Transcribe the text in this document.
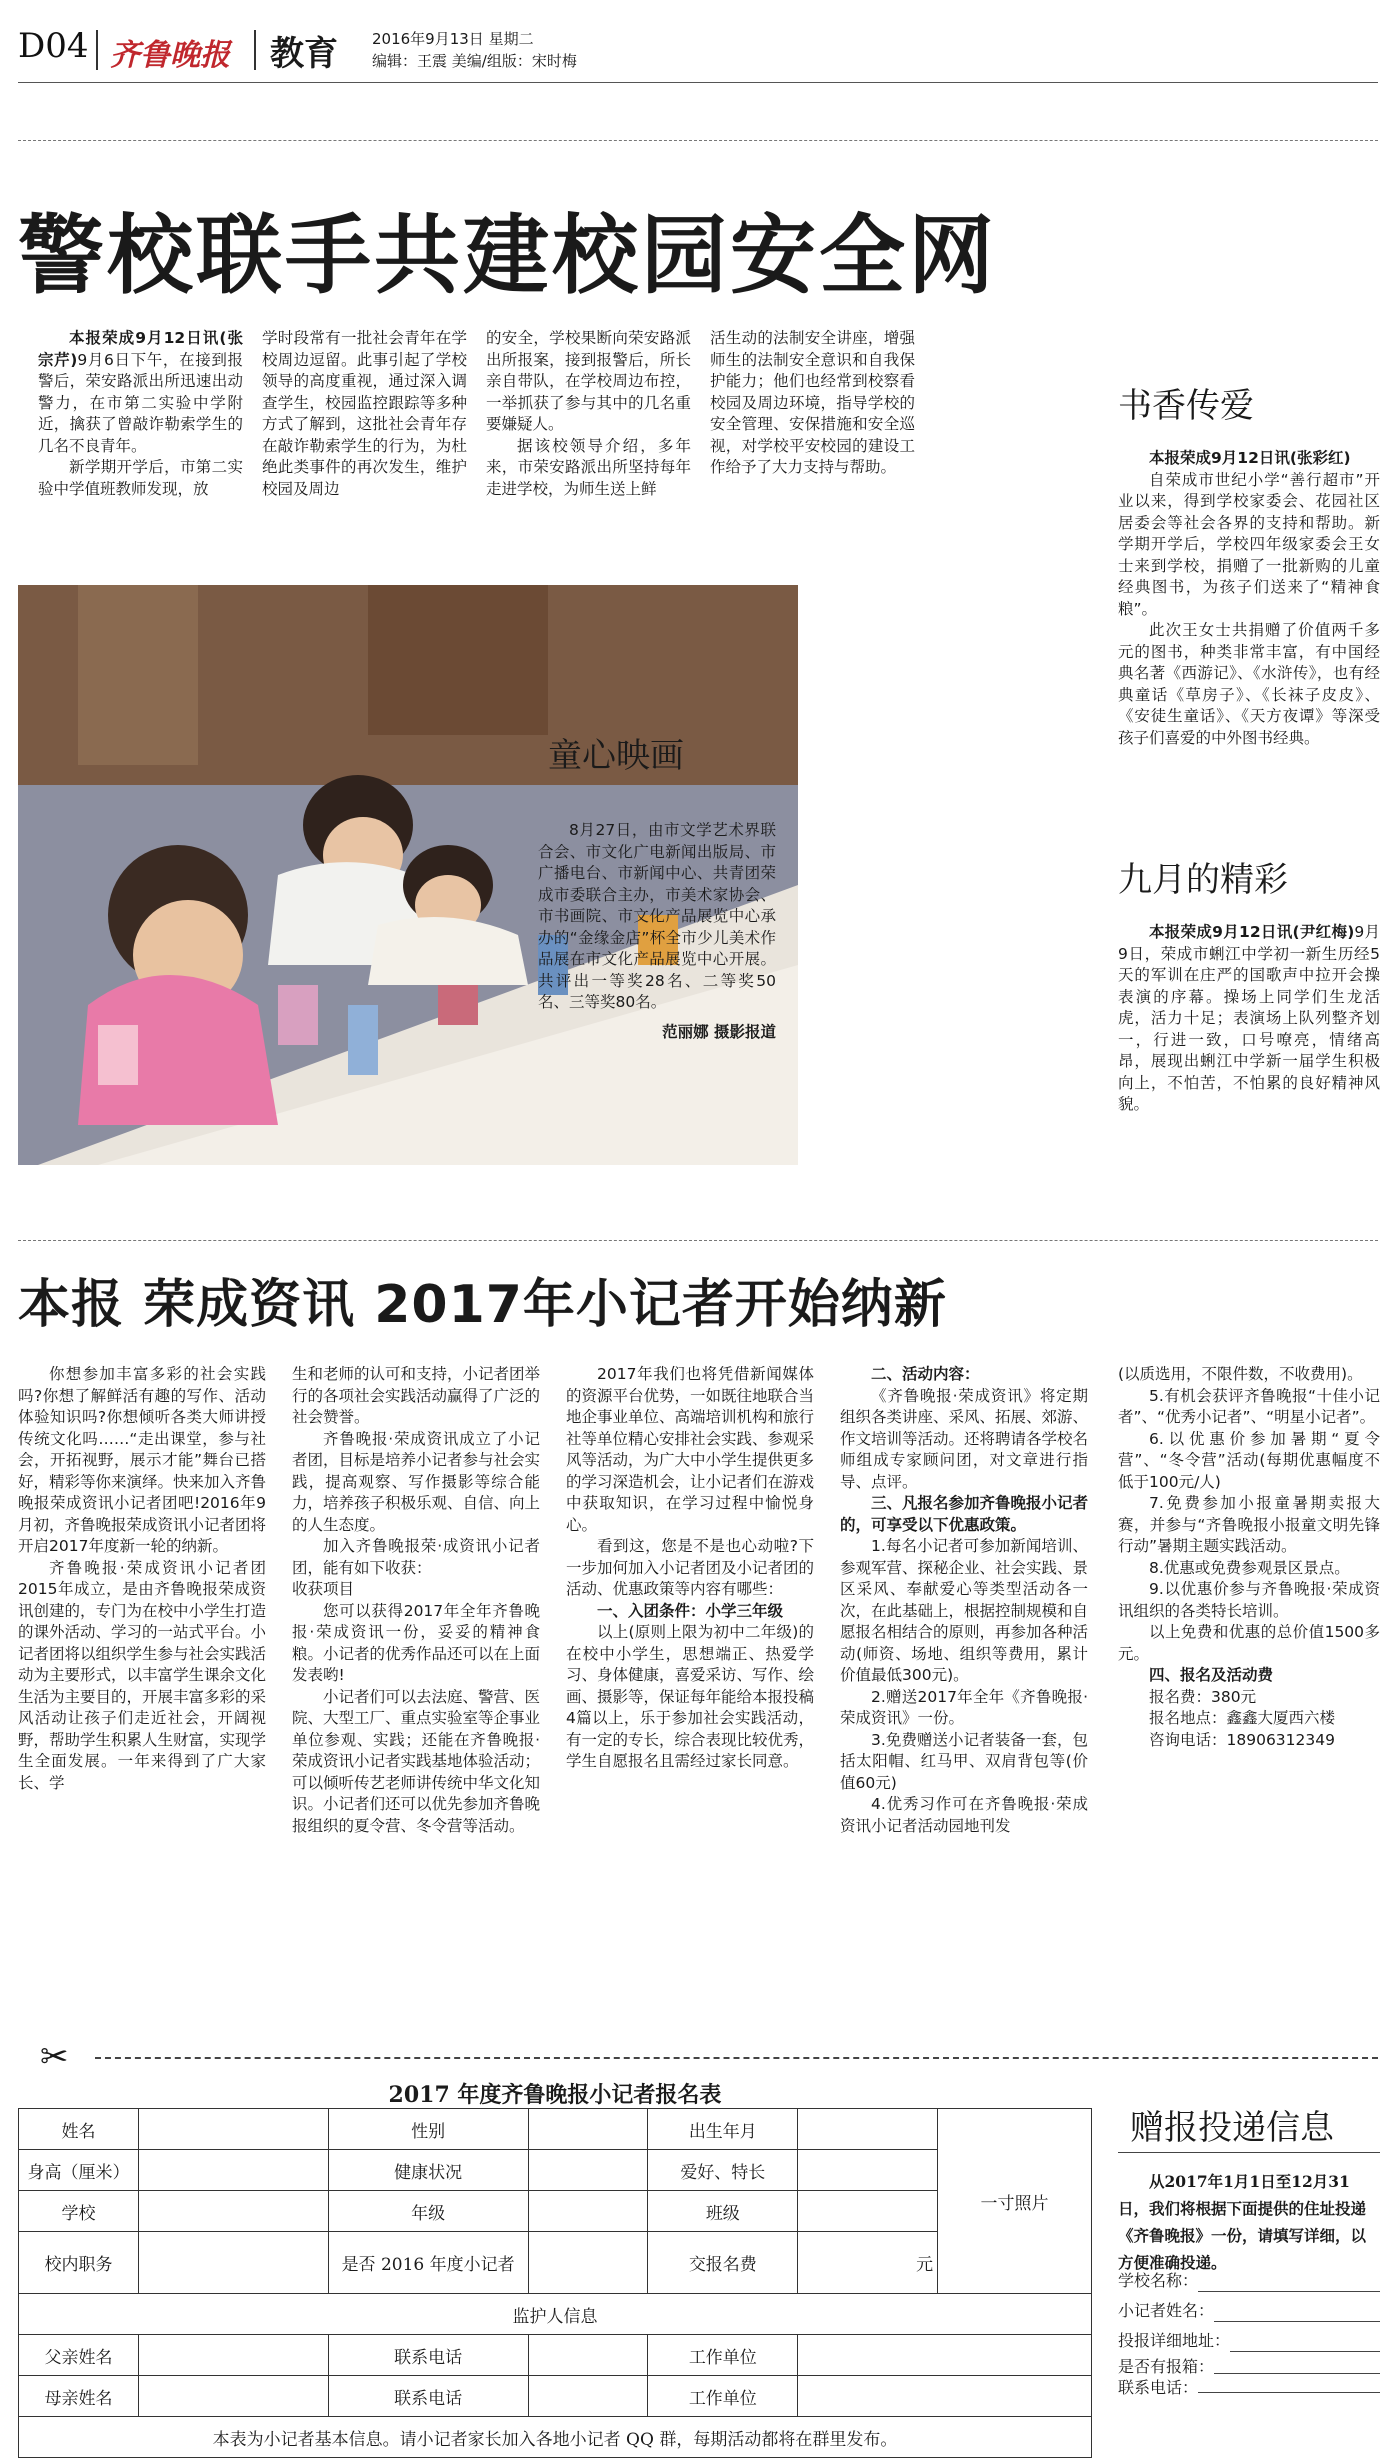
D04 齐鲁晚报 教育 2016年9月13日 星期二
编辑：王震 美编/组版：宋时梅
警校联手共建校园安全网

本报荣成9月12日讯(张宗芹)9月6日下午，在接到报警后，荣安路派出所迅速出动警力，在市第二实验中学附近，擒获了曾敲诈勒索学生的几名不良青年。

新学期开学后，市第二实验中学值班教师发现，放

学时段常有一批社会青年在学校周边逗留。此事引起了学校领导的高度重视，通过深入调查学生，校园监控跟踪等多种方式了解到，这批社会青年存在敲诈勒索学生的行为，为杜绝此类事件的再次发生，维护校园及周边

的安全，学校果断向荣安路派出所报案，接到报警后，所长亲自带队，在学校周边布控，一举抓获了参与其中的几名重要嫌疑人。

据该校领导介绍，多年来，市荣安路派出所坚持每年走进学校，为师生送上鲜

活生动的法制安全讲座，增强师生的法制安全意识和自我保护能力；他们也经常到校察看校园及周边环境，指导学校的安全管理、安保措施和安全巡视，对学校平安校园的建设工作给予了大力支持与帮助。

童心映画

8月27日，由市文学艺术界联合会、市文化广电新闻出版局、市广播电台、市新闻中心、共青团荣成市委联合主办，市美术家协会、市书画院、市文化产品展览中心承办的“金缘金店”杯全市少儿美术作品展在市文化产品展览中心开展。共评出一等奖28名、二等奖50名、三等奖80名。

范丽娜 摄影报道
书香传爱

本报荣成9月12日讯(张彩红)

自荣成市世纪小学“善行超市”开业以来，得到学校家委会、花园社区居委会等社会各界的支持和帮助。新学期开学后，学校四年级家委会王女士来到学校，捐赠了一批新购的儿童经典图书，为孩子们送来了“精神食粮”。

此次王女士共捐赠了价值两千多元的图书，种类非常丰富，有中国经典名著《西游记》、《水浒传》，也有经典童话《草房子》、《长袜子皮皮》、《安徒生童话》、《天方夜谭》等深受孩子们喜爱的中外图书经典。

九月的精彩

本报荣成9月12日讯(尹红梅)9月9日，荣成市蜊江中学初一新生历经5天的军训在庄严的国歌声中拉开会操表演的序幕。操场上同学们生龙活虎，活力十足；表演场上队列整齐划一，行进一致，口号嘹亮，情绪高昂，展现出蜊江中学新一届学生积极向上，不怕苦，不怕累的良好精神风貌。

本报 荣成资讯 2017年小记者开始纳新

你想参加丰富多彩的社会实践吗?你想了解鲜活有趣的写作、活动体验知识吗?你想倾听各类大师讲授传统文化吗……“走出课堂，参与社会，开拓视野，展示才能”舞台已搭好，精彩等你来演绎。快来加入齐鲁晚报荣成资讯小记者团吧!2016年9月初，齐鲁晚报荣成资讯小记者团将开启2017年度新一轮的纳新。

齐鲁晚报·荣成资讯小记者团2015年成立，是由齐鲁晚报荣成资讯创建的，专门为在校中小学生打造的课外活动、学习的一站式平台。小记者团将以组织学生参与社会实践活动为主要形式，以丰富学生课余文化生活为主要目的，开展丰富多彩的采风活动让孩子们走近社会，开阔视野，帮助学生积累人生财富，实现学生全面发展。一年来得到了广大家长、学

生和老师的认可和支持，小记者团举行的各项社会实践活动赢得了广泛的社会赞誉。

齐鲁晚报·荣成资讯成立了小记者团，目标是培养小记者参与社会实践，提高观察、写作摄影等综合能力，培养孩子积极乐观、自信、向上的人生态度。

加入齐鲁晚报荣·成资讯小记者团，能有如下收获：

收获项目

您可以获得2017年全年齐鲁晚报·荣成资讯一份，妥妥的精神食粮。小记者的优秀作品还可以在上面发表哟!

小记者们可以去法庭、警营、医院、大型工厂、重点实验室等企事业单位参观、实践；还能在齐鲁晚报·荣成资讯小记者实践基地体验活动；可以倾听传艺老师讲传统中华文化知识。小记者们还可以优先参加齐鲁晚报组织的夏令营、冬令营等活动。

2017年我们也将凭借新闻媒体的资源平台优势，一如既往地联合当地企事业单位、高端培训机构和旅行社等单位精心安排社会实践、参观采风等活动，为广大中小学生提供更多的学习深造机会，让小记者们在游戏中获取知识，在学习过程中愉悦身心。

看到这，您是不是也心动啦?下一步加何加入小记者团及小记者团的活动、优惠政策等内容有哪些：

一、入团条件：小学三年级

以上(原则上限为初中二年级)的在校中小学生，思想端正、热爱学习、身体健康，喜爱采访、写作、绘画、摄影等，保证每年能给本报投稿4篇以上，乐于参加社会实践活动，有一定的专长，综合表现比较优秀，学生自愿报名且需经过家长同意。

二、活动内容：

《齐鲁晚报·荣成资讯》将定期组织各类讲座、采风、拓展、郊游、作文培训等活动。还将聘请各学校名师组成专家顾问团，对文章进行指导、点评。

三、凡报名参加齐鲁晚报小记者的，可享受以下优惠政策。

1.每名小记者可参加新闻培训、参观军营、探秘企业、社会实践、景区采风、奉献爱心等类型活动各一次，在此基础上，根据控制规模和自愿报名相结合的原则，再参加各种活动(师资、场地、组织等费用，累计价值最低300元)。

2.赠送2017年全年《齐鲁晚报·荣成资讯》一份。

3.免费赠送小记者装备一套，包括太阳帽、红马甲、双肩背包等(价值60元)

4.优秀习作可在齐鲁晚报·荣成资讯小记者活动园地刊发

(以质选用，不限件数，不收费用)。

5.有机会获评齐鲁晚报“十佳小记者”、“优秀小记者”、“明星小记者”。

6.以优惠价参加暑期“夏令营”、“冬令营”活动(每期优惠幅度不低于100元/人)

7.免费参加小报童暑期卖报大赛，并参与“齐鲁晚报小报童文明先锋行动”暑期主题实践活动。

8.优惠或免费参观景区景点。

9.以优惠价参与齐鲁晚报·荣成资讯组织的各类特长培训。

以上免费和优惠的总价值1500多元。

四、报名及活动费

报名费：380元

报名地点：鑫鑫大厦西六楼

咨询电话：18906312349

✂
2017 年度齐鲁晚报小记者报名表
姓名		性别		出生年月		一寸照片
身高（厘米）		健康状况		爱好、特长		
学校		年级		班级		
校内职务		是否 2016 年度小记者		交报名费	元	
监护人信息						
父亲姓名		联系电话		工作单位		
母亲姓名		联系电话		工作单位		
本表为小记者基本信息。请小记者家长加入各地小记者 QQ 群，每期活动都将在群里发布。						
赠报投递信息

从2017年1月1日至12月31日，我们将根据下面提供的住址投递《齐鲁晚报》一份，请填写详细，以方便准确投递。

学校名称：
小记者姓名：
投报详细地址：
是否有报箱：
联系电话：
